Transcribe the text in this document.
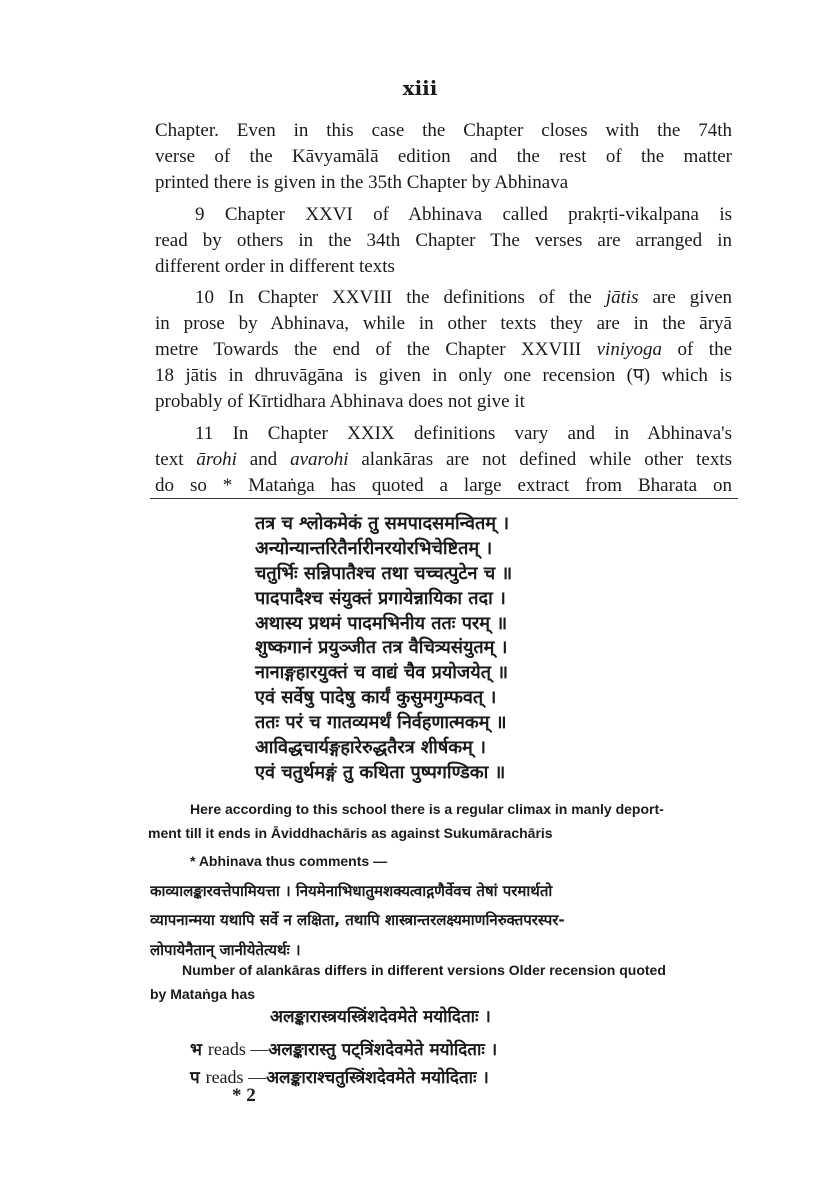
xiii
Chapter. Even in this case the Chapter closes with the 74th
verse of the Kāvyamālā edition and the rest of the matter
printed there is given in the 35th Chapter by Abhinava
9 Chapter XXVI of Abhinava called prakṛti-vikalpana is
read by others in the 34th Chapter The verses are arranged in
different order in different texts
10 In Chapter XXVIII the definitions of the jātis are given
in prose by Abhinava, while in other texts they are in the āryā
metre Towards the end of the Chapter XXVIII viniyoga of the
18 jātis in dhruvāgāna is given in only one recension (प) which is
probably of Kīrtidhara Abhinava does not give it
11 In Chapter XXIX definitions vary and in Abhinava's
text ārohi and avarohi alankāras are not defined while other texts
do so * Mataṅga has quoted a large extract from Bharata on
तत्र च श्लोकमेकं तु समपादसमन्वितम् ।
अन्योन्यान्तरितैर्नारीनरयोरभिचेष्टितम् ।
चतुर्भिः सन्निपातैश्च तथा चच्चत्पुटेन च ॥
पादपादैश्च संयुक्तं प्रगायेन्नायिका तदा ।
अथास्य प्रथमं पादमभिनीय ततः परम् ॥
शुष्कगानं प्रयुञ्जीत तत्र वैचित्र्यसंयुतम् ।
नानाङ्गहारयुक्तं च वाद्यं चैव प्रयोजयेत् ॥
एवं सर्वेषु पादेषु कार्यं कुसुमगुम्फवत् ।
ततः परं च गातव्यमर्थं निर्वहणात्मकम् ॥
आविद्धचार्यङ्गहारेरुद्धतैरत्र शीर्षकम् ।
एवं चतुर्थमङ्गं तु कथिता पुष्पगण्डिका ॥
Here according to this school there is a regular climax in manly deport-
ment till it ends in Āviddhachāris as against Sukumārachāris
* Abhinava thus comments —
काव्यालङ्कारवत्तेपामियत्ता । नियमेनाभिधातुमशक्यत्वाद्गणैर्वेवच तेषां परमार्थतो
व्यापनान्मया यथापि सर्वे न लक्षिता, तथापि शास्त्रान्तरलक्ष्यमाणनिरुक्तपरस्पर-
लोपायेनैतान् जानीयेतेत्यर्थः ।
Number of alankāras differs in different versions Older recension quoted
by Mataṅga has
अलङ्कारास्त्रयस्त्रिंशदेवमेते मयोदिताः ।
भ reads —अलङ्कारास्तु पट्त्रिंशदेवमेते मयोदिताः ।
प reads —अलङ्काराश्चतुस्त्रिंशदेवमेते मयोदिताः ।
* 2
